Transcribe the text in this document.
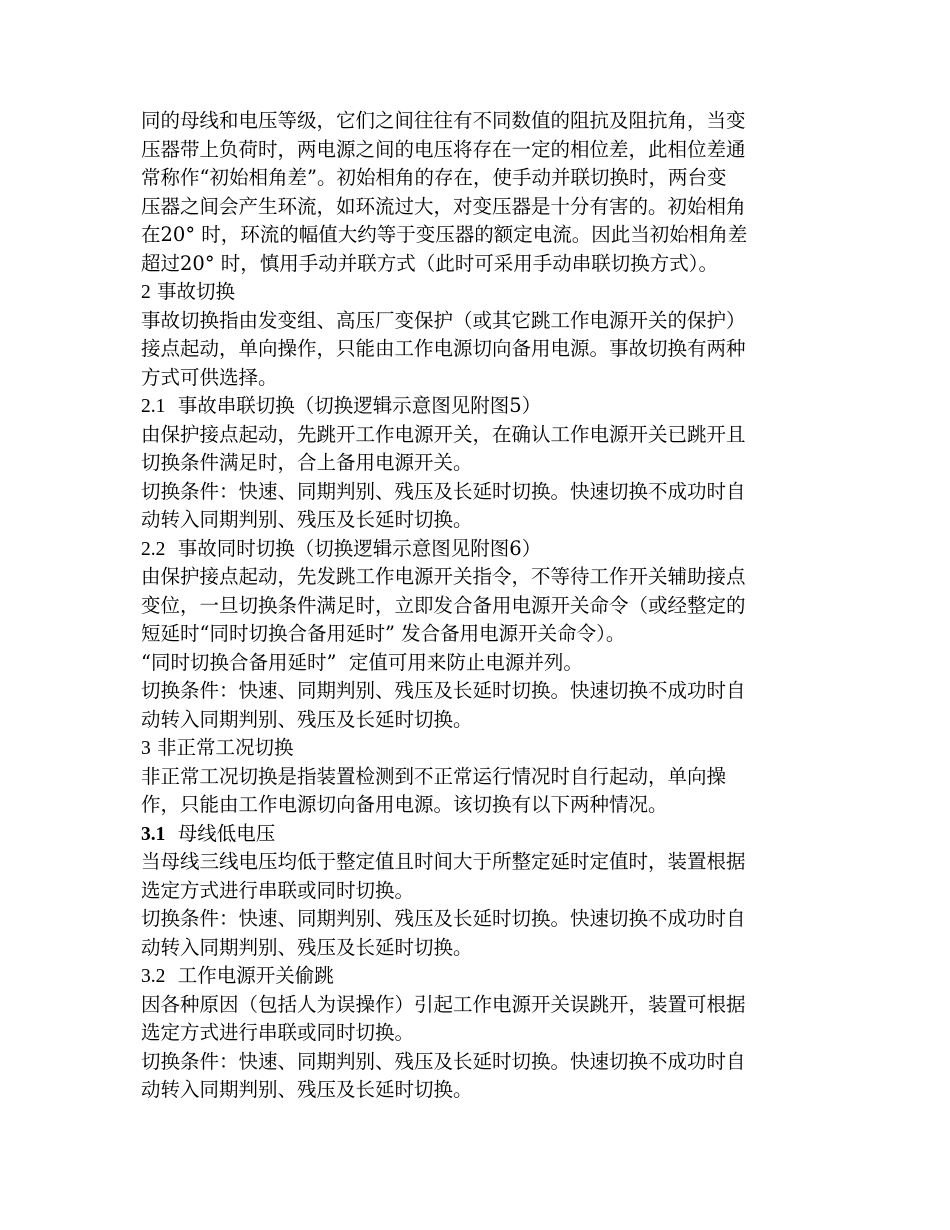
同的母线和电压等级，它们之间往往有不同数值的阻抗及阻抗角，当变
压器带上负荷时，两电源之间的电压将存在一定的相位差，此相位差通
常称作“初始相角差”。初始相角的存在，使手动并联切换时，两台变
压器之间会产生环流，如环流过大，对变压器是十分有害的。初始相角
在20° 时，环流的幅值大约等于变压器的额定电流。因此当初始相角差
超过20° 时，慎用手动并联方式（此时可采用手动串联切换方式）。

2 事故切换

事故切换指由发变组、高压厂变保护（或其它跳工作电源开关的保护）
接点起动，单向操作，只能由工作电源切向备用电源。事故切换有两种
方式可供选择。

2.1 事故串联切换（切换逻辑示意图见附图5）

由保护接点起动，先跳开工作电源开关，在确认工作电源开关已跳开且
切换条件满足时，合上备用电源开关。

切换条件：快速、同期判别、残压及长延时切换。快速切换不成功时自
动转入同期判别、残压及长延时切换。

2.2 事故同时切换（切换逻辑示意图见附图6）

由保护接点起动，先发跳工作电源开关指令，不等待工作开关辅助接点
变位，一旦切换条件满足时，立即发合备用电源开关命令（或经整定的
短延时“同时切换合备用延时” 发合备用电源开关命令）。

“同时切换合备用延时”  定值可用来防止电源并列。

切换条件：快速、同期判别、残压及长延时切换。快速切换不成功时自
动转入同期判别、残压及长延时切换。

3 非正常工况切换

非正常工况切换是指装置检测到不正常运行情况时自行起动，单向操
作，只能由工作电源切向备用电源。该切换有以下两种情况。

3.1 母线低电压

当母线三线电压均低于整定值且时间大于所整定延时定值时，装置根据
选定方式进行串联或同时切换。

切换条件：快速、同期判别、残压及长延时切换。快速切换不成功时自
动转入同期判别、残压及长延时切换。

3.2 工作电源开关偷跳

因各种原因（包括人为误操作）引起工作电源开关误跳开，装置可根据
选定方式进行串联或同时切换。

切换条件：快速、同期判别、残压及长延时切换。快速切换不成功时自
动转入同期判别、残压及长延时切换。
